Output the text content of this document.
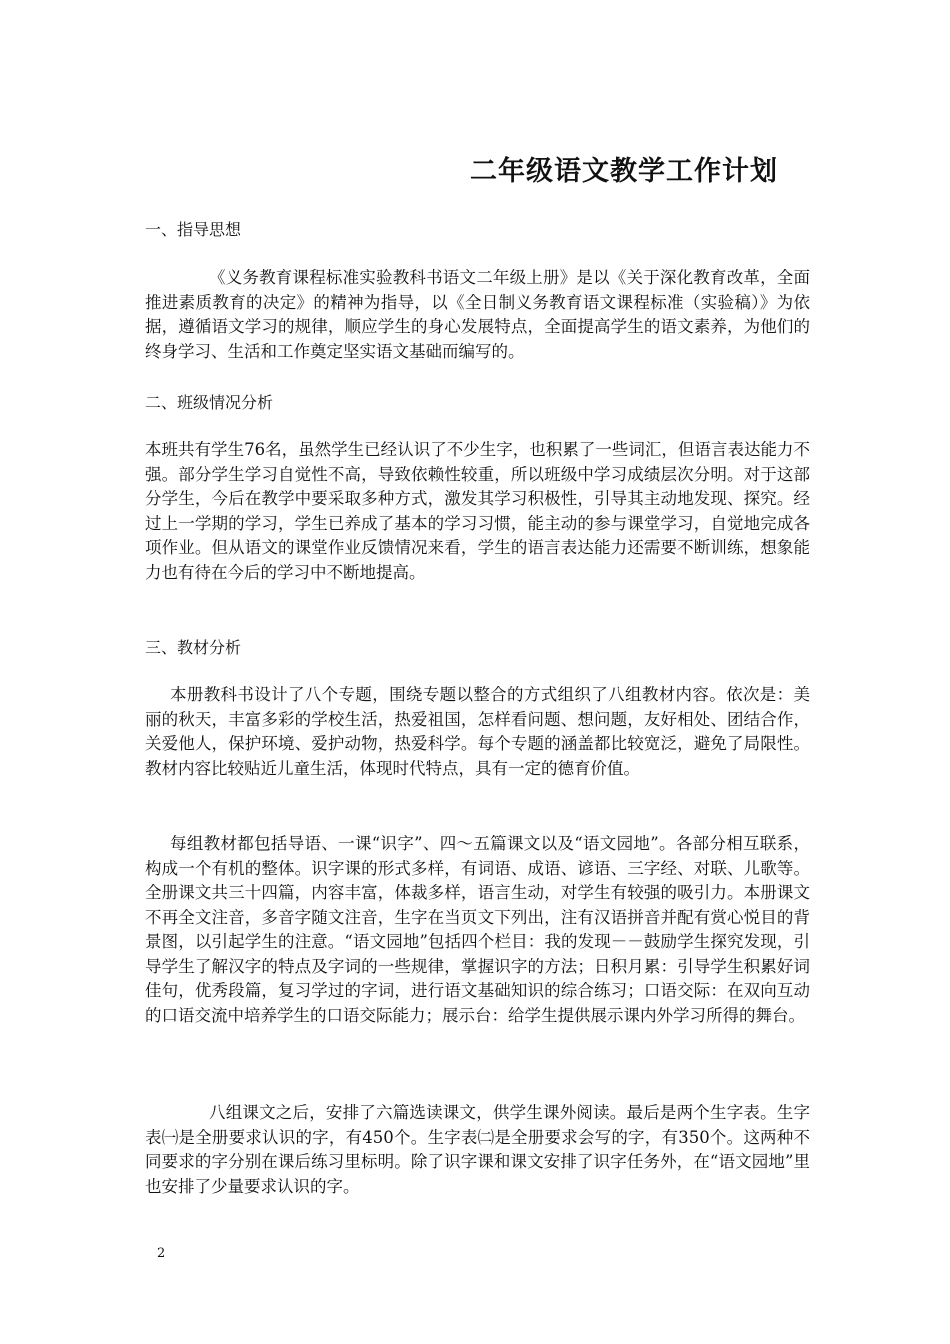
二年级语文教学工作计划
一、指导思想

《义务教育课程标准实验教科书语文二年级上册》是以《关于深化教育改革，全面推进素质教育的决定》的精神为指导，以《全日制义务教育语文课程标准（实验稿）》为依据，遵循语文学习的规律，顺应学生的身心发展特点，全面提高学生的语文素养，为他们的终身学习、生活和工作奠定坚实语文基础而编写的。

二、班级情况分析

本班共有学生76名，虽然学生已经认识了不少生字，也积累了一些词汇，但语言表达能力不强。部分学生学习自觉性不高，导致依赖性较重，所以班级中学习成绩层次分明。对于这部分学生，今后在教学中要采取多种方式，激发其学习积极性，引导其主动地发现、探究。经过上一学期的学习，学生已养成了基本的学习习惯，能主动的参与课堂学习，自觉地完成各项作业。但从语文的课堂作业反馈情况来看，学生的语言表达能力还需要不断训练，想象能力也有待在今后的学习中不断地提高。

三、教材分析

本册教科书设计了八个专题，围绕专题以整合的方式组织了八组教材内容。依次是：美丽的秋天，丰富多彩的学校生活，热爱祖国，怎样看问题、想问题，友好相处、团结合作，关爱他人，保护环境、爱护动物，热爱科学。每个专题的涵盖都比较宽泛，避免了局限性。教材内容比较贴近儿童生活，体现时代特点，具有一定的德育价值。

每组教材都包括导语、一课“识字”、四～五篇课文以及“语文园地”。各部分相互联系，构成一个有机的整体。识字课的形式多样，有词语、成语、谚语、三字经、对联、儿歌等。全册课文共三十四篇，内容丰富，体裁多样，语言生动，对学生有较强的吸引力。本册课文不再全文注音，多音字随文注音，生字在当页文下列出，注有汉语拼音并配有赏心悦目的背景图，以引起学生的注意。“语文园地”包括四个栏目：我的发现－－鼓励学生探究发现，引导学生了解汉字的特点及字词的一些规律，掌握识字的方法；日积月累：引导学生积累好词佳句，优秀段篇，复习学过的字词，进行语文基础知识的综合练习；口语交际：在双向互动的口语交流中培养学生的口语交际能力；展示台：给学生提供展示课内外学习所得的舞台。

八组课文之后，安排了六篇选读课文，供学生课外阅读。最后是两个生字表。生字表㈠是全册要求认识的字，有450个。生字表㈡是全册要求会写的字，有350个。这两种不同要求的字分别在课后练习里标明。除了识字课和课文安排了识字任务外，在“语文园地”里也安排了少量要求认识的字。

2
